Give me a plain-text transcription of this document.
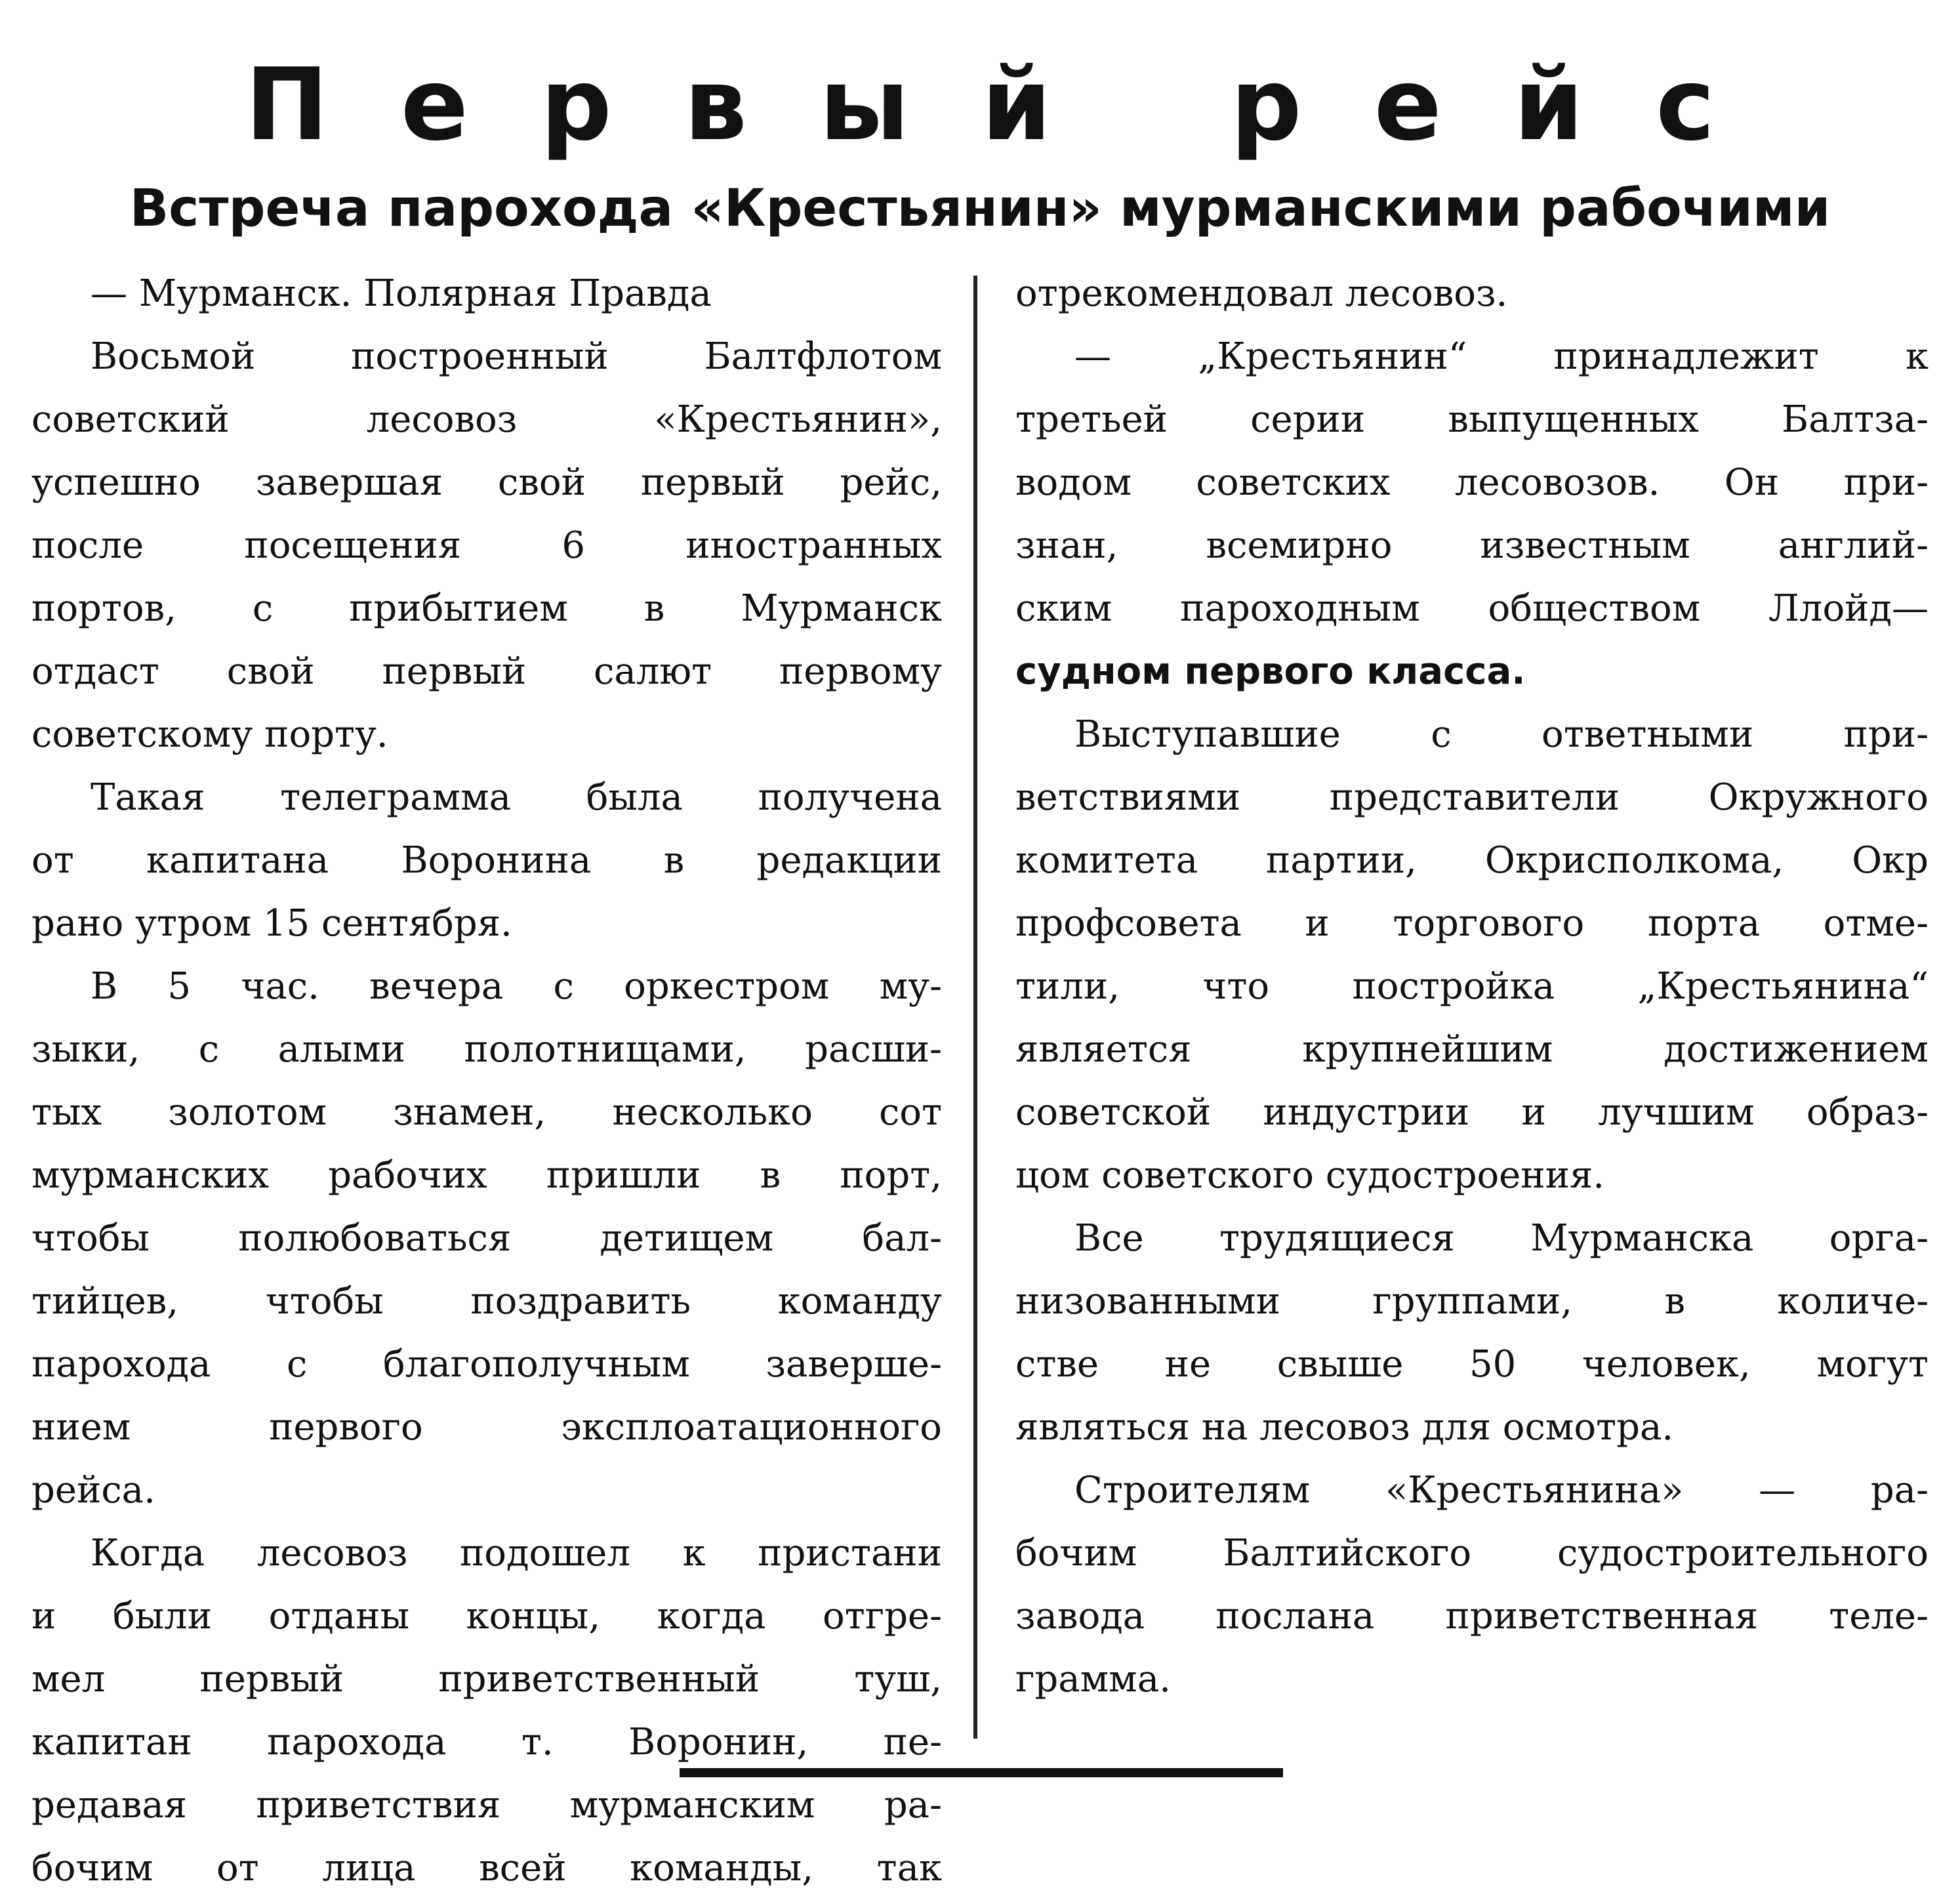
Первый рейс
Встреча парохода «Крестьянин» мурманскими рабочими
— Мурманск. Полярная Правда
Восьмой построенный Балтфлотом
советский лесовоз «Крестьянин»,
успешно завершая свой первый рейс,
после посещения 6 иностранных
портов, с прибытием в Мурманск
отдаст свой первый салют первому
советскому порту.
Такая телеграмма была получена
от капитана Воронина в редакции
рано утром 15 сентября.
В 5 час. вечера с оркестром му-
зыки, с алыми полотнищами, расши-
тых золотом знамен, несколько сот
мурманских рабочих пришли в порт,
чтобы полюбоваться детищем бал-
тийцев, чтобы поздравить команду
парохода с благополучным заверше-
нием первого эксплоатационного
рейса.
Когда лесовоз подошел к пристани
и были отданы концы, когда отгре-
мел первый приветственный туш,
капитан парохода т. Воронин, пе-
редавая приветствия мурманским ра-
бочим от лица всей команды, так
отрекомендовал лесовоз.
— „Крестьянин“ принадлежит к
третьей серии выпущенных Балтза-
водом советских лесовозов. Он при-
знан, всемирно известным англий-
ским пароходным обществом Ллойд—
судном первого класса.
Выступавшие с ответными при-
ветствиями представители Окружного
комитета партии, Окрисполкома, Окр
профсовета и торгового порта отме-
тили, что постройка „Крестьянина“
является крупнейшим достижением
советской индустрии и лучшим образ-
цом советского судостроения.
Все трудящиеся Мурманска орга-
низованными группами, в количе-
стве не свыше 50 человек, могут
являться на лесовоз для осмотра.
Строителям «Крестьянина» — ра-
бочим Балтийского судостроительного
завода послана приветственная теле-
грамма.
